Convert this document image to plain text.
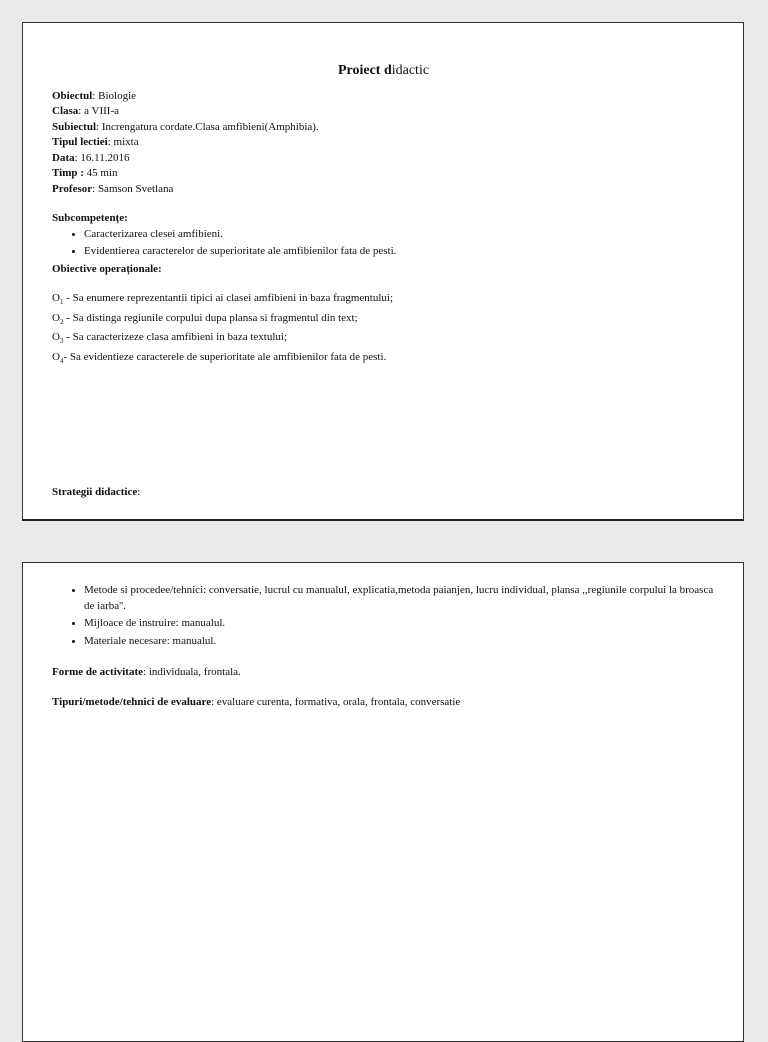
Proiect didactic
Obiectul: Biologie
Clasa: a VIII-a
Subiectul: Increngatura cordate.Clasa amfibieni(Amphibia).
Tipul lectiei: mixta
Data: 16.11.2016
Timp : 45 min
Profesor: Samson Svetlana
Subcompetențe:
• Caracterizarea clesei amfibieni.
• Evidentierea caracterelor de superioritate ale amfibienilor fata de pesti.
Obiective operaționale:
$O_1$ - Sa enumere reprezentantii tipici ai clasei amfibieni in baza fragmentului;
$O_2$ - Sa distinga regiunile corpului dupa plansa si fragmentul din text;
$O_3$ - Sa caracterizeze clasa amfibieni in baza textului;
$O_4-$ Sa evidentieze caracterele de superioritate ale amfibienilor fata de pesti.
Strategii didactice:
• Metode si procedee/tehnici: conversatie, lucrul cu manualul, explicatia,metoda paianjen, lucru individual, plansa ,,regiunile corpului la broasca de iarba''.
• Mijloace de instruire: manualul.
• Materiale necesare: manualul.
Forme de activitate: individuala, frontala.
Tipuri/metode/tehnici de evaluare: evaluare curenta, formativa, orala, frontala, conversatie
